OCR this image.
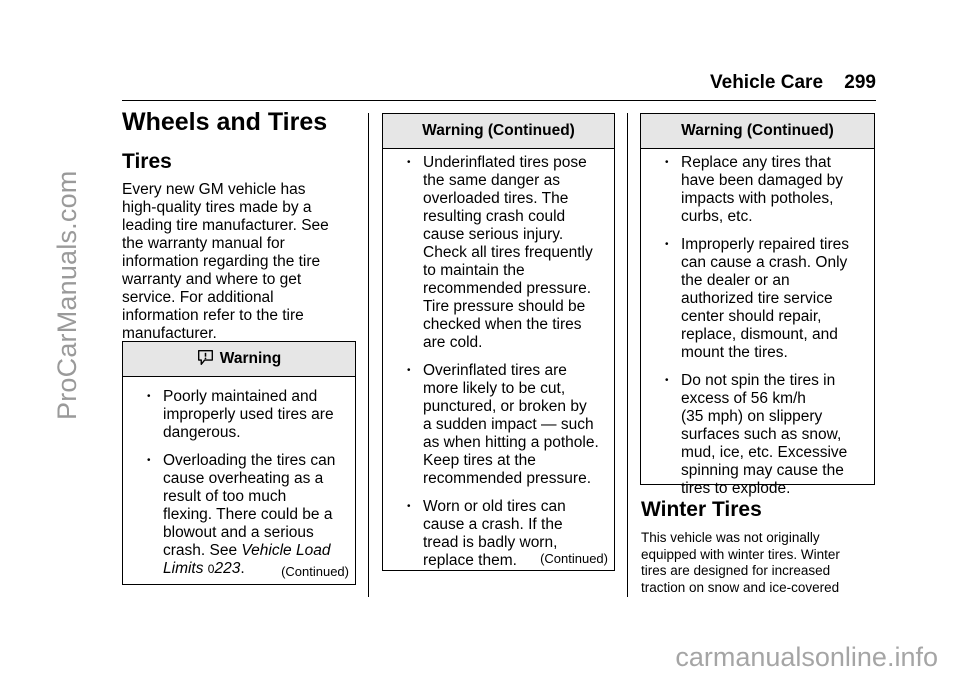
ProCarManuals.com
carmanualsonline.info
Vehicle Care 299
Wheels and Tires
Tires
Every new GM vehicle has
high-quality tires made by a
leading tire manufacturer. See
the warranty manual for
information regarding the tire
warranty and where to get
service. For additional
information refer to the tire
manufacturer.
Warning
• Poorly maintained and
improperly used tires are
dangerous.
• Overloading the tires can
cause overheating as a
result of too much
flexing. There could be a
blowout and a serious
crash. See Vehicle Load
Limits 0223.	(Continued)
Warning (Continued)
• Underinflated tires pose
the same danger as
overloaded tires. The
resulting crash could
cause serious injury.
Check all tires frequently
to maintain the
recommended pressure.
Tire pressure should be
checked when the tires
are cold.
• Overinflated tires are
more likely to be cut,
punctured, or broken by
a sudden impact — such
as when hitting a pothole.
Keep tires at the
recommended pressure.
• Worn or old tires can
cause a crash. If the
tread is badly worn,
replace them.	(Continued)
Warning (Continued)
• Replace any tires that
have been damaged by
impacts with potholes,
curbs, etc.
• Improperly repaired tires
can cause a crash. Only
the dealer or an
authorized tire service
center should repair,
replace, dismount, and
mount the tires.
• Do not spin the tires in
excess of 56 km/h
(35 mph) on slippery
surfaces such as snow,
mud, ice, etc. Excessive
spinning may cause the
tires to explode.
Winter Tires
This vehicle was not originally
equipped with winter tires. Winter
tires are designed for increased
traction on snow and ice-covered
